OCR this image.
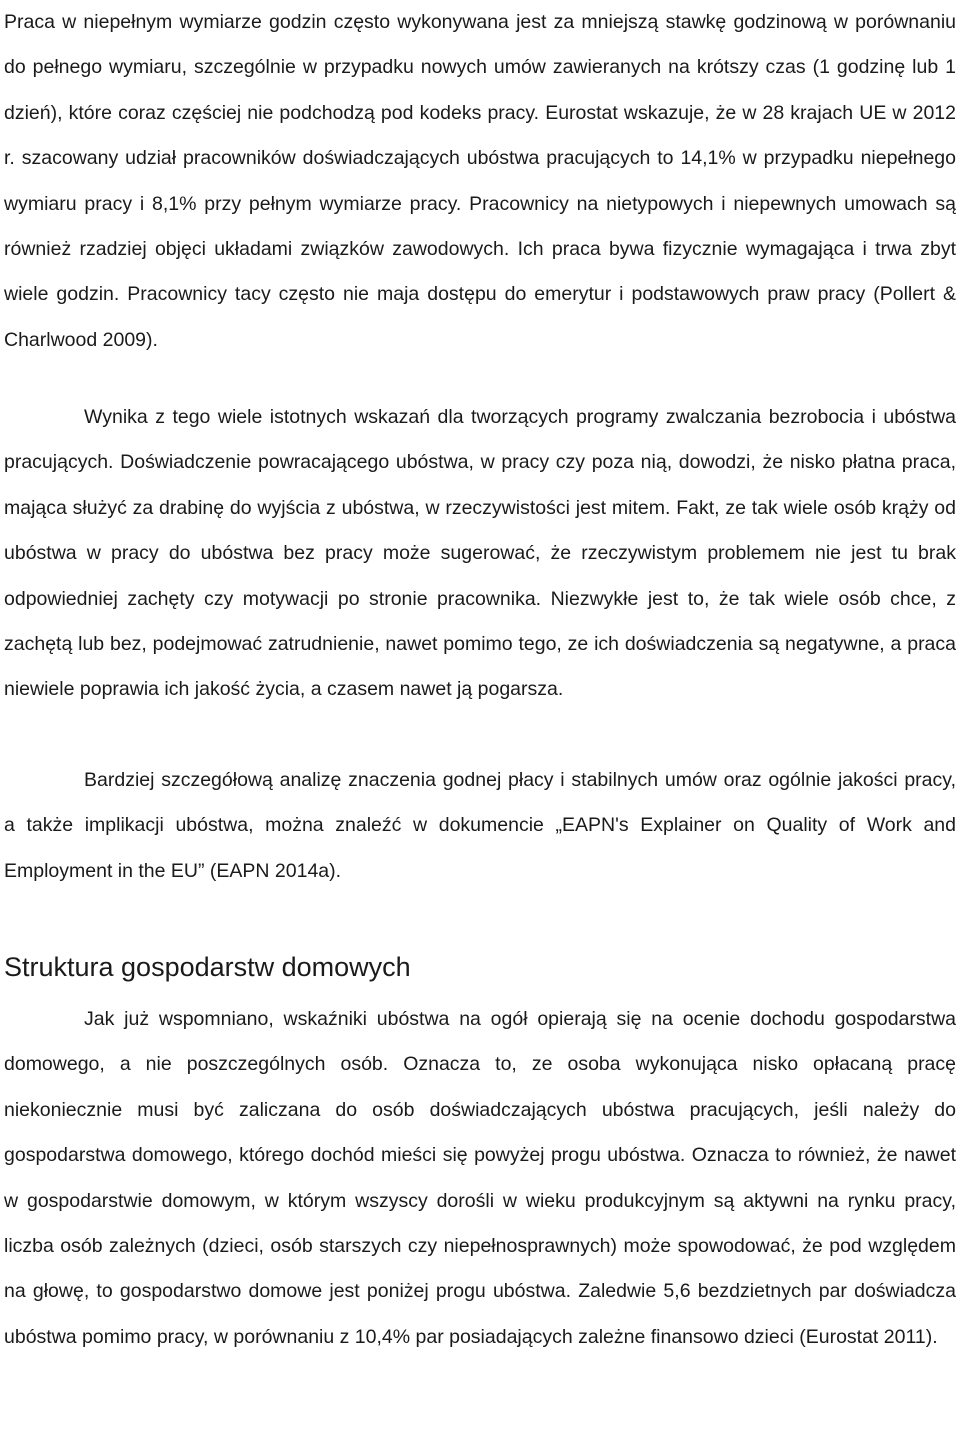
Praca w niepełnym wymiarze godzin często wykonywana jest za mniejszą stawkę godzinową w porównaniu do pełnego wymiaru, szczególnie w przypadku nowych umów zawieranych na krótszy czas (1 godzinę lub 1 dzień), które coraz częściej nie podchodzą pod kodeks pracy. Eurostat wskazuje, że w 28 krajach UE w 2012 r. szacowany udział pracowników doświadczających ubóstwa pracujących to 14,1% w przypadku niepełnego wymiaru pracy i 8,1% przy pełnym wymiarze pracy. Pracownicy na nietypowych i niepewnych umowach są również rzadziej objęci układami związków zawodowych. Ich praca bywa fizycznie wymagająca i trwa zbyt wiele godzin. Pracownicy tacy często nie maja dostępu do emerytur i podstawowych praw pracy (Pollert & Charlwood 2009).

Wynika z tego wiele istotnych wskazań dla tworzących programy zwalczania bezrobocia i ubóstwa pracujących. Doświadczenie powracającego ubóstwa, w pracy czy poza nią, dowodzi, że nisko płatna praca, mająca służyć za drabinę do wyjścia z ubóstwa, w rzeczywistości jest mitem. Fakt, ze tak wiele osób krąży od ubóstwa w pracy do ubóstwa bez pracy może sugerować, że rzeczywistym problemem nie jest tu brak odpowiedniej zachęty czy motywacji po stronie pracownika. Niezwykłe jest to, że tak wiele osób chce, z zachętą lub bez, podejmować zatrudnienie, nawet pomimo tego, ze ich doświadczenia są negatywne, a praca niewiele poprawia ich jakość życia, a czasem nawet ją pogarsza.

Bardziej szczegółową analizę znaczenia godnej płacy i stabilnych umów oraz ogólnie jakości pracy, a także implikacji ubóstwa, można znaleźć w dokumencie „EAPN's Explainer on Quality of Work and Employment in the EU” (EAPN 2014a).

Struktura gospodarstw domowych

Jak już wspomniano, wskaźniki ubóstwa na ogół opierają się na ocenie dochodu gospodarstwa domowego, a nie poszczególnych osób. Oznacza to, ze osoba wykonująca nisko opłacaną pracę niekoniecznie musi być zaliczana do osób doświadczających ubóstwa pracujących, jeśli należy do gospodarstwa domowego, którego dochód mieści się powyżej progu ubóstwa. Oznacza to również, że nawet w gospodarstwie domowym, w którym wszyscy dorośli w wieku produkcyjnym są aktywni na rynku pracy, liczba osób zależnych (dzieci, osób starszych czy niepełnosprawnych) może spowodować, że pod względem na głowę, to gospodarstwo domowe jest poniżej progu ubóstwa. Zaledwie 5,6 bezdzietnych par doświadcza ubóstwa pomimo pracy, w porównaniu z 10,4% par posiadających zależne finansowo dzieci (Eurostat 2011).
